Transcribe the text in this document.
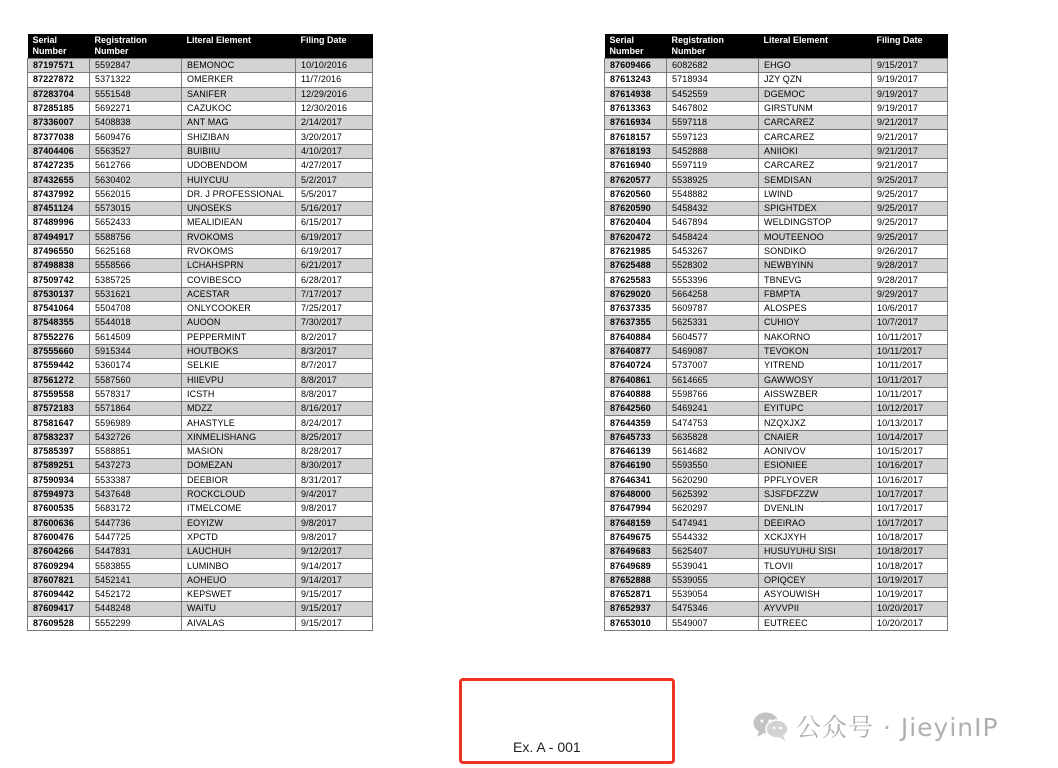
Serial
Number	Registration
Number	Literal Element	Filing Date
87197571	5592847	BEMONOC	10/10/2016
87227872	5371322	OMERKER	11/7/2016
87283704	5551548	SANIFER	12/29/2016
87285185	5692271	CAZUKOC	12/30/2016
87336007	5408838	ANT MAG	2/14/2017
87377038	5609476	SHIZIBAN	3/20/2017
87404406	5563527	BUIBIIU	4/10/2017
87427235	5612766	UDOBENDOM	4/27/2017
87432655	5630402	HUIYCUU	5/2/2017
87437992	5562015	DR. J PROFESSIONAL	5/5/2017
87451124	5573015	UNOSEKS	5/16/2017
87489996	5652433	MEALIDIEAN	6/15/2017
87494917	5588756	RVOKOMS	6/19/2017
87496550	5625168	RVOKOMS	6/19/2017
87498838	5558566	LCHAHSPRN	6/21/2017
87509742	5385725	COVIBESCO	6/28/2017
87530137	5531621	ACESTAR	7/17/2017
87541064	5504708	ONLYCOOKER	7/25/2017
87548355	5544018	AUOON	7/30/2017
87552276	5614509	PEPPERMINT	8/2/2017
87555660	5915344	HOUTBOKS	8/3/2017
87559442	5360174	SELKIE	8/7/2017
87561272	5587560	HIIEVPU	8/8/2017
87559558	5578317	ICSTH	8/8/2017
87572183	5571864	MDZZ	8/16/2017
87581647	5596989	AHASTYLE	8/24/2017
87583237	5432726	XINMELISHANG	8/25/2017
87585397	5588851	MASION	8/28/2017
87589251	5437273	DOMEZAN	8/30/2017
87590934	5533387	DEEBIOR	8/31/2017
87594973	5437648	ROCKCLOUD	9/4/2017
87600535	5683172	ITMELCOME	9/8/2017
87600636	5447736	EOYIZW	9/8/2017
87600476	5447725	XPCTD	9/8/2017
87604266	5447831	LAUCHUH	9/12/2017
87609294	5583855	LUMINBO	9/14/2017
87607821	5452141	AOHEUO	9/14/2017
87609442	5452172	KEPSWET	9/15/2017
87609417	5448248	WAITU	9/15/2017
87609528	5552299	AIVALAS	9/15/2017
Serial
Number	Registration
Number	Literal Element	Filing Date
87609466	6082682	EHGO	9/15/2017
87613243	5718934	JZY QZN	9/19/2017
87614938	5452559	DGEMOC	9/19/2017
87613363	5467802	GIRSTUNM	9/19/2017
87616934	5597118	CARCAREZ	9/21/2017
87618157	5597123	CARCAREZ	9/21/2017
87618193	5452888	ANIIOKI	9/21/2017
87616940	5597119	CARCAREZ	9/21/2017
87620577	5538925	SEMDISAN	9/25/2017
87620560	5548882	LWIND	9/25/2017
87620590	5458432	SPIGHTDEX	9/25/2017
87620404	5467894	WELDINGSTOP	9/25/2017
87620472	5458424	MOUTEENOO	9/25/2017
87621985	5453267	SONDIKO	9/26/2017
87625488	5528302	NEWBYINN	9/28/2017
87625583	5553396	TBNEVG	9/28/2017
87629020	5664258	FBMPTA	9/29/2017
87637335	5609787	ALOSPES	10/6/2017
87637355	5625331	CUHIOY	10/7/2017
87640884	5604577	NAKORNO	10/11/2017
87640877	5469087	TEVOKON	10/11/2017
87640724	5737007	YITREND	10/11/2017
87640861	5614665	GAWWOSY	10/11/2017
87640888	5598766	AISSWZBER	10/11/2017
87642560	5469241	EYITUPC	10/12/2017
87644359	5474753	NZQXJXZ	10/13/2017
87645733	5635828	CNAIER	10/14/2017
87646139	5614682	AONIVOV	10/15/2017
87646190	5593550	ESIONIEE	10/16/2017
87646341	5620290	PPFLYOVER	10/16/2017
87648000	5625392	SJSFDFZZW	10/17/2017
87647994	5620297	DVENLIN	10/17/2017
87648159	5474941	DEEIRAO	10/17/2017
87649675	5544332	XCKJXYH	10/18/2017
87649683	5625407	HUSUYUHU SISI	10/18/2017
87649689	5539041	TLOVII	10/18/2017
87652888	5539055	OPIQCEY	10/19/2017
87652871	5539054	ASYOUWISH	10/19/2017
87652937	5475346	AYVVPII	10/20/2017
87653010	5549007	EUTREEC	10/20/2017
Ex. A - 001
公众号 · JieyinIP
